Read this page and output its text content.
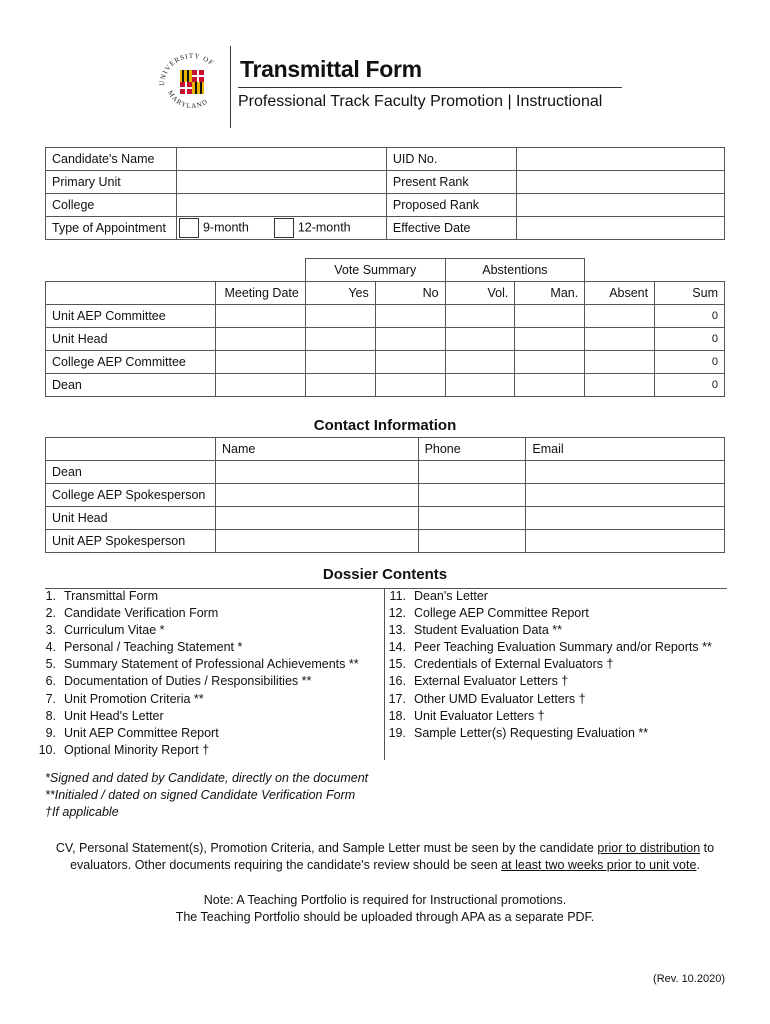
UNIVERSITY OF
MARYLAND
Transmittal Form
Professional Track Faculty Promotion | Instructional
Candidate's Name		UID No.	
Primary Unit		Present Rank	
College		Proposed Rank	
Type of Appointment	9-month 12-month	Effective Date	
		Vote Summary		Abstentions			
	Meeting Date	Yes	No	Vol.	Man.	Absent	Sum
Unit AEP Committee							0
Unit Head							0
College AEP Committee							0
Dean							0
Contact Information
	Name	Phone	Email
Dean			
College AEP Spokesperson			
Unit Head			
Unit AEP Spokesperson			
Dossier Contents
1. Transmittal Form
2. Candidate Verification Form
3. Curriculum Vitae *
4. Personal / Teaching Statement *
5. Summary Statement of Professional Achievements **
6. Documentation of Duties / Responsibilities **
7. Unit Promotion Criteria **
8. Unit Head's Letter
9. Unit AEP Committee Report
10. Optional Minority Report †
11. Dean's Letter
12. College AEP Committee Report
13. Student Evaluation Data **
14. Peer Teaching Evaluation Summary and/or Reports **
15. Credentials of External Evaluators †
16. External Evaluator Letters †
17. Other UMD Evaluator Letters †
18. Unit Evaluator Letters †
19. Sample Letter(s) Requesting Evaluation **
*Signed and dated by Candidate, directly on the document
**Initialed / dated on signed Candidate Verification Form
†If applicable
CV, Personal Statement(s), Promotion Criteria, and Sample Letter must be seen by the candidate prior to distribution to
evaluators. Other documents requiring the candidate's review should be seen at least two weeks prior to unit vote.
Note: A Teaching Portfolio is required for Instructional promotions.
The Teaching Portfolio should be uploaded through APA as a separate PDF.
(Rev. 10.2020)
